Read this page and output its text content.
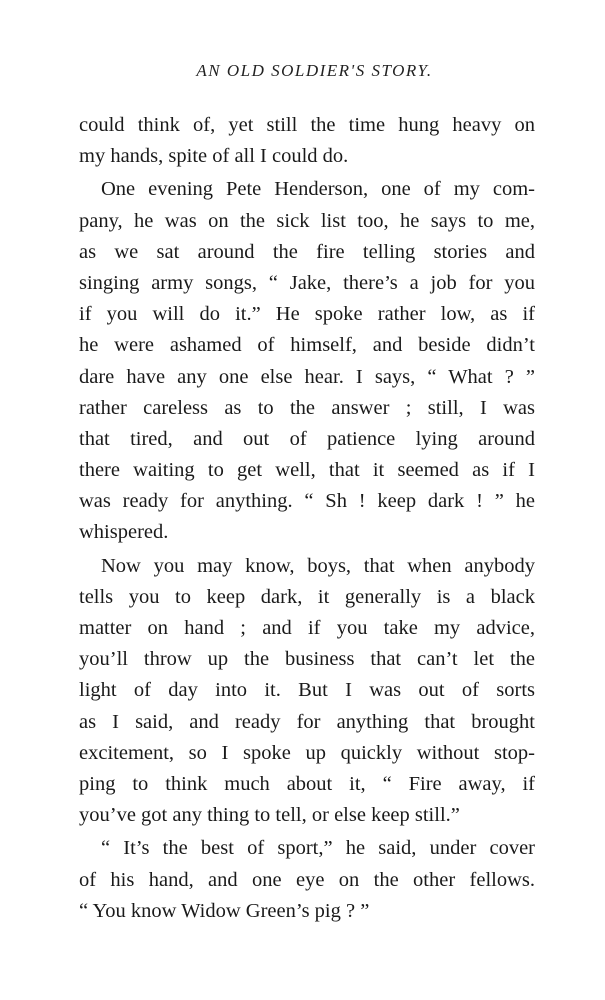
AN OLD SOLDIER'S STORY.
could think of, yet still the time hung heavy on
my hands, spite of all I could do.
One evening Pete Henderson, one of my com-
pany, he was on the sick list too, he says to me,
as we sat around the fire telling stories and
singing army songs, “ Jake, there’s a job for you
if you will do it.” He spoke rather low, as if
he were ashamed of himself, and beside didn’t
dare have any one else hear. I says, “ What ? ”
rather careless as to the answer ; still, I was
that tired, and out of patience lying around
there waiting to get well, that it seemed as if I
was ready for anything. “ Sh ! keep dark ! ” he
whispered.
Now you may know, boys, that when anybody
tells you to keep dark, it generally is a black
matter on hand ; and if you take my advice,
you’ll throw up the business that can’t let the
light of day into it. But I was out of sorts
as I said, and ready for anything that brought
excitement, so I spoke up quickly without stop-
ping to think much about it, “ Fire away, if
you’ve got any thing to tell, or else keep still.”
“ It’s the best of sport,” he said, under cover
of his hand, and one eye on the other fellows.
“ You know Widow Green’s pig ? ”
